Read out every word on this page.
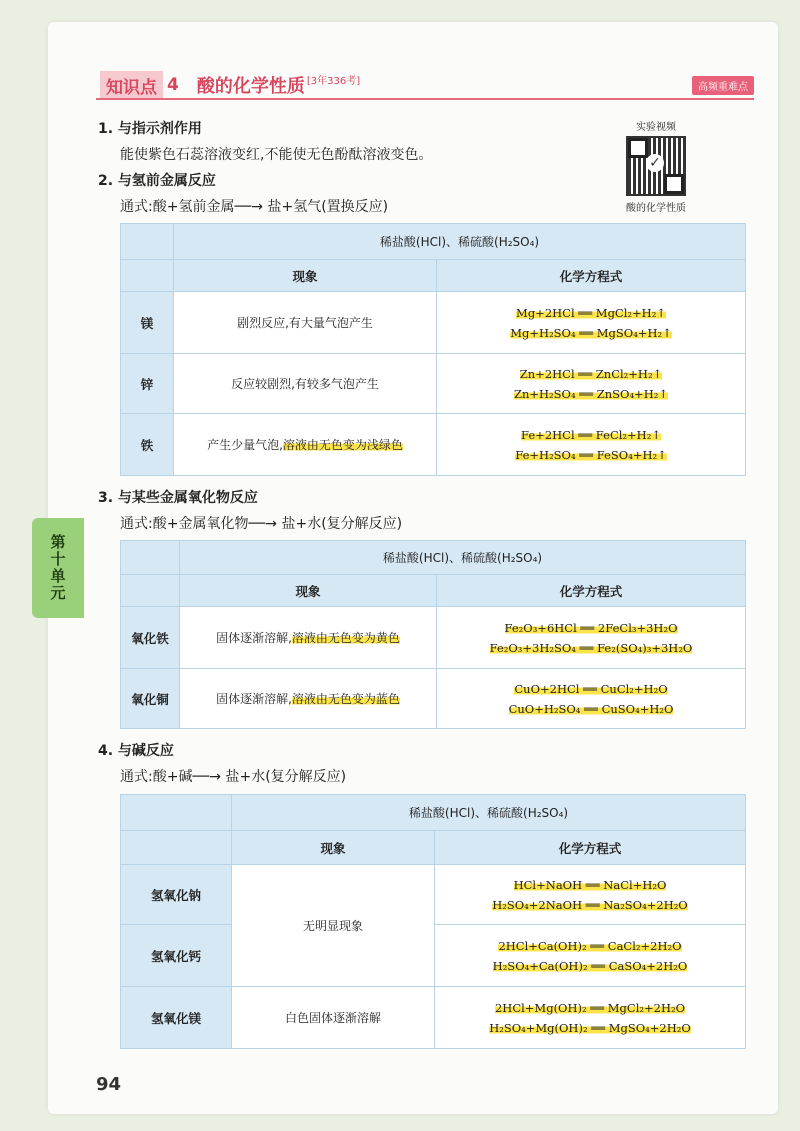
知识点 4 酸的化学性质 [3年336考]
高频重难点
第十单元
实验视频
✓
酸的化学性质
1. 与指示剂作用
能使紫色石蕊溶液变红,不能使无色酚酞溶液变色。
2. 与氢前金属反应
通式:酸+氢前金属──→ 盐+氢气(置换反应)
	稀盐酸(HCl)、稀硫酸(H₂SO₄)	
	现象	化学方程式
镁	剧烈反应,有大量气泡产生	Mg+2HCl ══ MgCl₂+H₂↑
Mg+H₂SO₄ ══ MgSO₄+H₂↑

锌	反应较剧烈,有较多气泡产生	Zn+2HCl ══ ZnCl₂+H₂↑
Zn+H₂SO₄ ══ ZnSO₄+H₂↑

铁	产生少量气泡,溶液由无色变为浅绿色	Fe+2HCl ══ FeCl₂+H₂↑
Fe+H₂SO₄ ══ FeSO₄+H₂↑
3. 与某些金属氧化物反应
通式:酸+金属氧化物──→ 盐+水(复分解反应)
	稀盐酸(HCl)、稀硫酸(H₂SO₄)	
	现象	化学方程式
氧化铁	固体逐渐溶解,溶液由无色变为黄色	Fe₂O₃+6HCl ══ 2FeCl₃+3H₂O
Fe₂O₃+3H₂SO₄ ══ Fe₂(SO₄)₃+3H₂O

氧化铜	固体逐渐溶解,溶液由无色变为蓝色	CuO+2HCl ══ CuCl₂+H₂O
CuO+H₂SO₄ ══ CuSO₄+H₂O
4. 与碱反应
通式:酸+碱──→ 盐+水(复分解反应)
	稀盐酸(HCl)、稀硫酸(H₂SO₄)	
	现象	化学方程式
氢氧化钠	无明显现象	HCl+NaOH ══ NaCl+H₂O
H₂SO₄+2NaOH ══ Na₂SO₄+2H₂O

氢氧化钙		2HCl+Ca(OH)₂ ══ CaCl₂+2H₂O
H₂SO₄+Ca(OH)₂ ══ CaSO₄+2H₂O

氢氧化镁	白色固体逐渐溶解	2HCl+Mg(OH)₂ ══ MgCl₂+2H₂O
H₂SO₄+Mg(OH)₂ ══ MgSO₄+2H₂O
94
